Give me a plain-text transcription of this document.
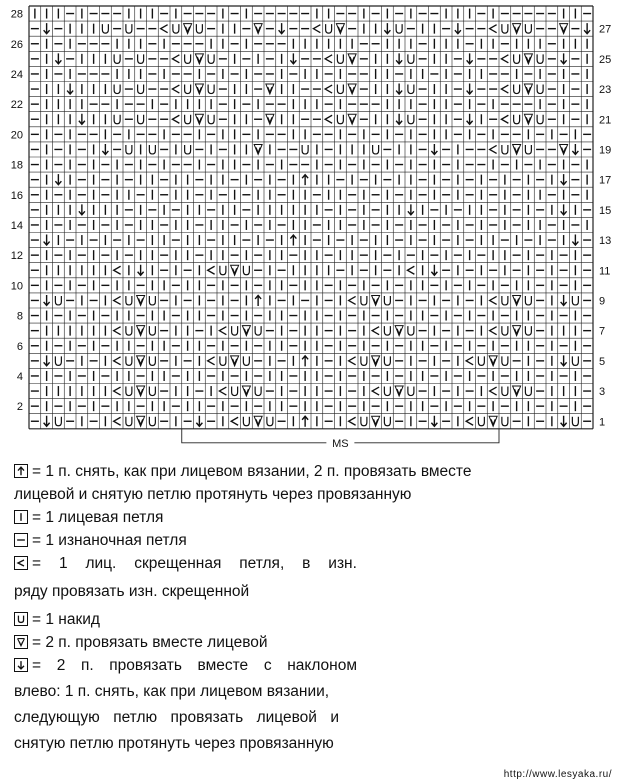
28
26
24
22
20
18
16
14
12
10
8
6
4
2
27
25
23
21
19
17
15
13
11
9
7
5
3
1
MS
= 1 п. снять, как при лицевом вязании, 2 п. провязать вместе
лицевой и снятую петлю протянуть через провязанную
= 1 лицевая петля
= 1 изнаночная петля
= 1 лиц. скрещенная петля, в изн.
ряду провязать изн. скрещенной
= 1 накид
= 2 п. провязать вместе лицевой
= 2 п. провязать вместе с наклоном
влево: 1 п. снять, как при лицевом вязании,
следующую петлю провязать лицевой и
снятую петлю протянуть через провязанную
http://www.lesyaka.ru/
